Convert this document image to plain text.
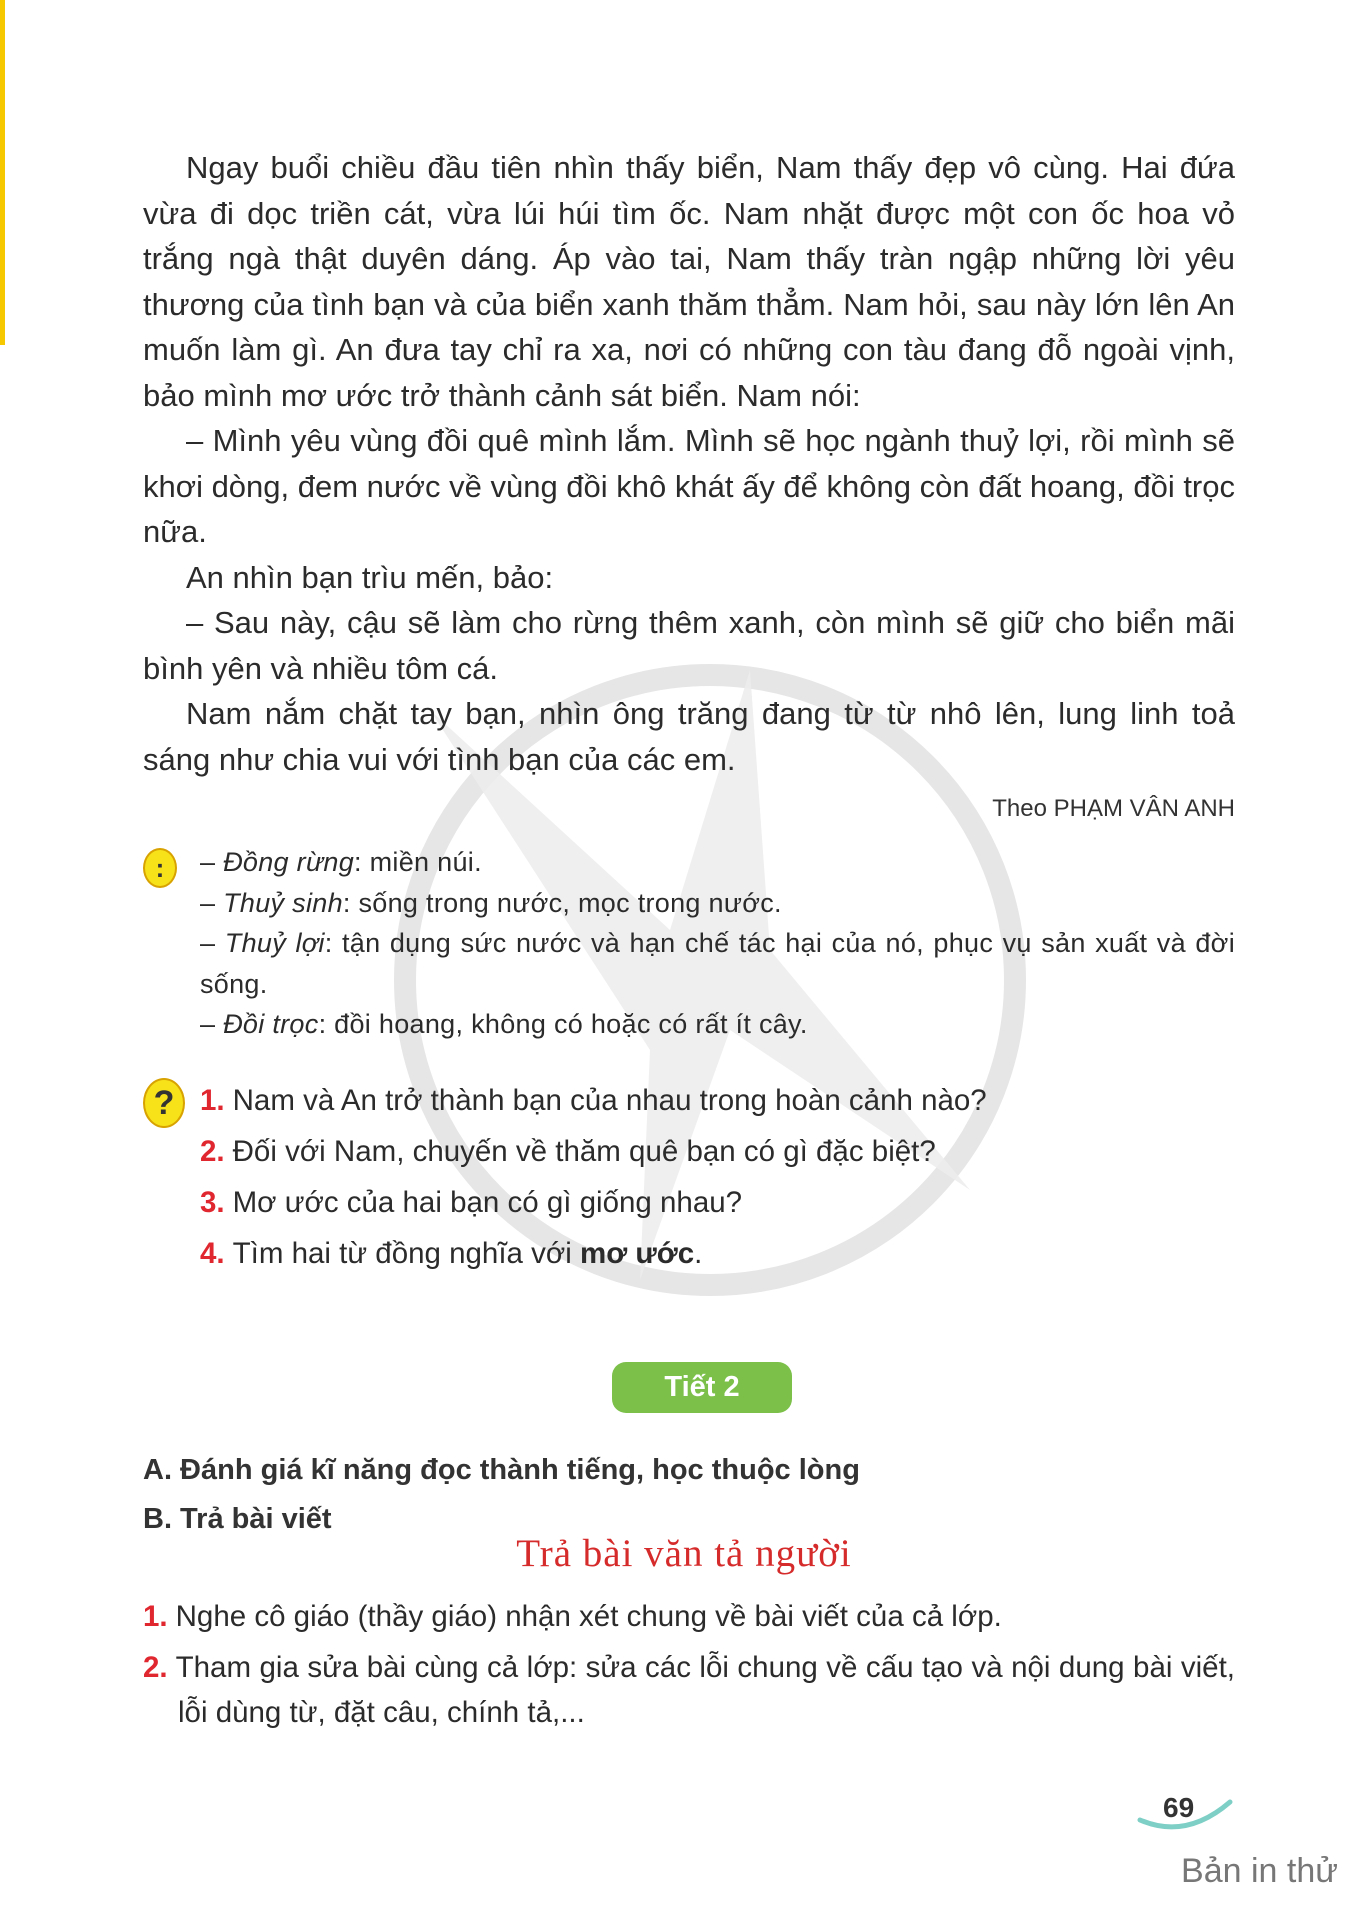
Ngay buổi chiều đầu tiên nhìn thấy biển, Nam thấy đẹp vô cùng. Hai đứa vừa đi dọc triền cát, vừa lúi húi tìm ốc. Nam nhặt được một con ốc hoa vỏ trắng ngà thật duyên dáng. Áp vào tai, Nam thấy tràn ngập những lời yêu thương của tình bạn và của biển xanh thăm thẳm. Nam hỏi, sau này lớn lên An muốn làm gì. An đưa tay chỉ ra xa, nơi có những con tàu đang đỗ ngoài vịnh, bảo mình mơ ước trở thành cảnh sát biển. Nam nói:

– Mình yêu vùng đồi quê mình lắm. Mình sẽ học ngành thuỷ lợi, rồi mình sẽ khơi dòng, đem nước về vùng đồi khô khát ấy để không còn đất hoang, đồi trọc nữa.

An nhìn bạn trìu mến, bảo:

– Sau này, cậu sẽ làm cho rừng thêm xanh, còn mình sẽ giữ cho biển mãi bình yên và nhiều tôm cá.

Nam nắm chặt tay bạn, nhìn ông trăng đang từ từ nhô lên, lung linh toả sáng như chia vui với tình bạn của các em.

Theo PHẠM VÂN ANH
:	– Đồng rừng: miền núi.
– Thuỷ sinh: sống trong nước, mọc trong nước.
– Thuỷ lợi: tận dụng sức nước và hạn chế tác hại của nó, phục vụ sản xuất và đời sống.
– Đồi trọc: đồi hoang, không có hoặc có rất ít cây.
? 1. Nam và An trở thành bạn của nhau trong hoàn cảnh nào?
2. Đối với Nam, chuyến về thăm quê bạn có gì đặc biệt?
3. Mơ ước của hai bạn có gì giống nhau?
4. Tìm hai từ đồng nghĩa với mơ ước.
Tiết 2
A. Đánh giá kĩ năng đọc thành tiếng, học thuộc lòng
B. Trả bài viết
Trả bài văn tả người
1. Nghe cô giáo (thầy giáo) nhận xét chung về bài viết của cả lớp.
2. Tham gia sửa bài cùng cả lớp: sửa các lỗi chung về cấu tạo và nội dung bài viết, lỗi dùng từ, đặt câu, chính tả,...
69
Bản in thử
